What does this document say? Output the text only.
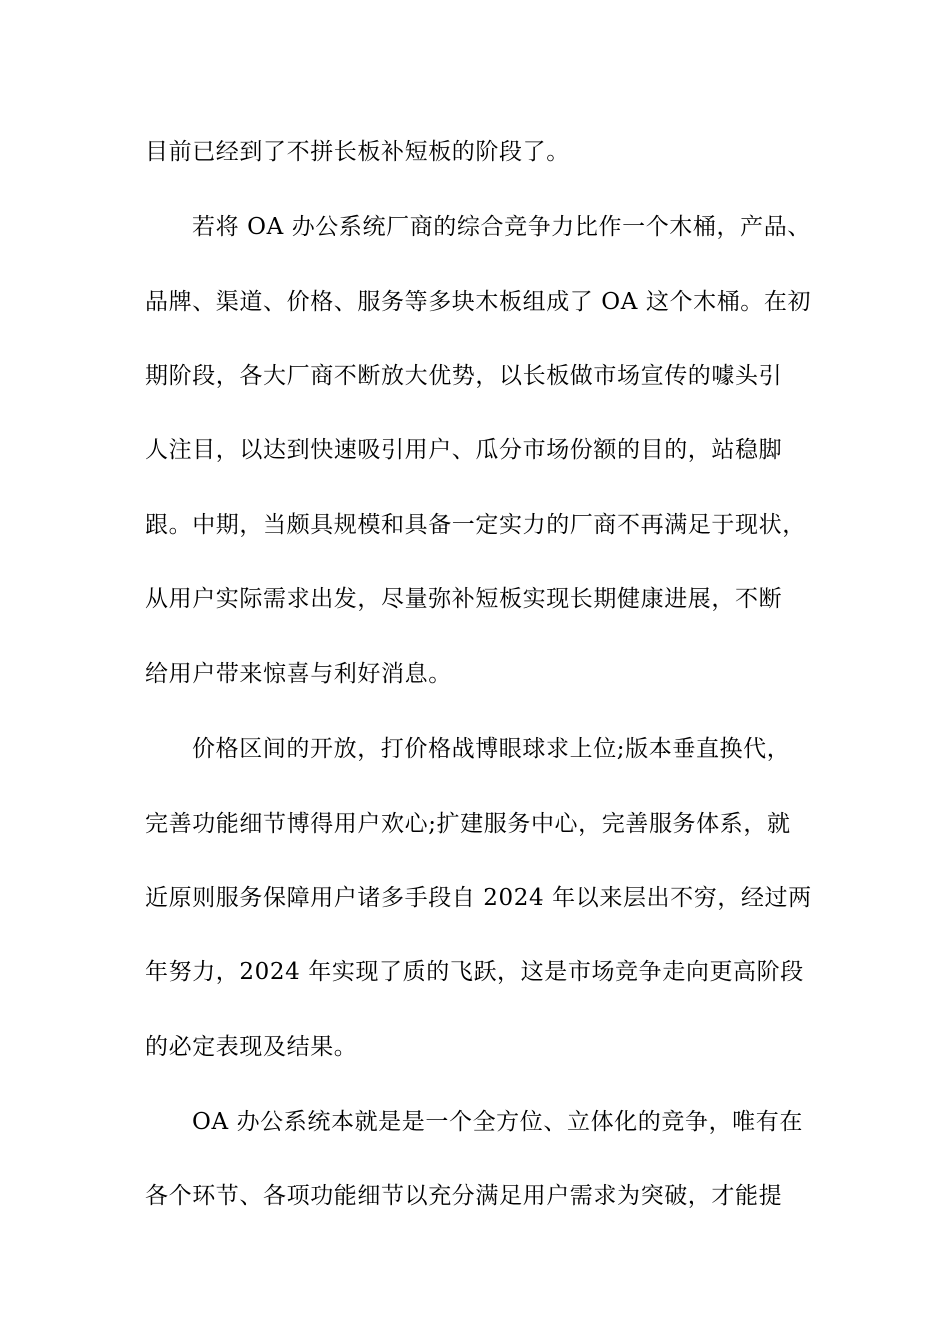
目前已经到了不拼长板补短板的阶段了。
若将 OA 办公系统厂商的综合竞争力比作一个木桶，产品、
品牌、渠道、价格、服务等多块木板组成了 OA 这个木桶。在初
期阶段，各大厂商不断放大优势，以长板做市场宣传的噱头引
人注目，以达到快速吸引用户、瓜分市场份额的目的，站稳脚
跟。中期，当颇具规模和具备一定实力的厂商不再满足于现状，
从用户实际需求出发，尽量弥补短板实现长期健康进展，不断
给用户带来惊喜与利好消息。
价格区间的开放，打价格战博眼球求上位;版本垂直换代，
完善功能细节博得用户欢心;扩建服务中心，完善服务体系，就
近原则服务保障用户诸多手段自 2024 年以来层出不穷，经过两
年努力，2024 年实现了质的飞跃，这是市场竞争走向更高阶段
的必定表现及结果。
OA 办公系统本就是是一个全方位、立体化的竞争，唯有在
各个环节、各项功能细节以充分满足用户需求为突破，才能提
